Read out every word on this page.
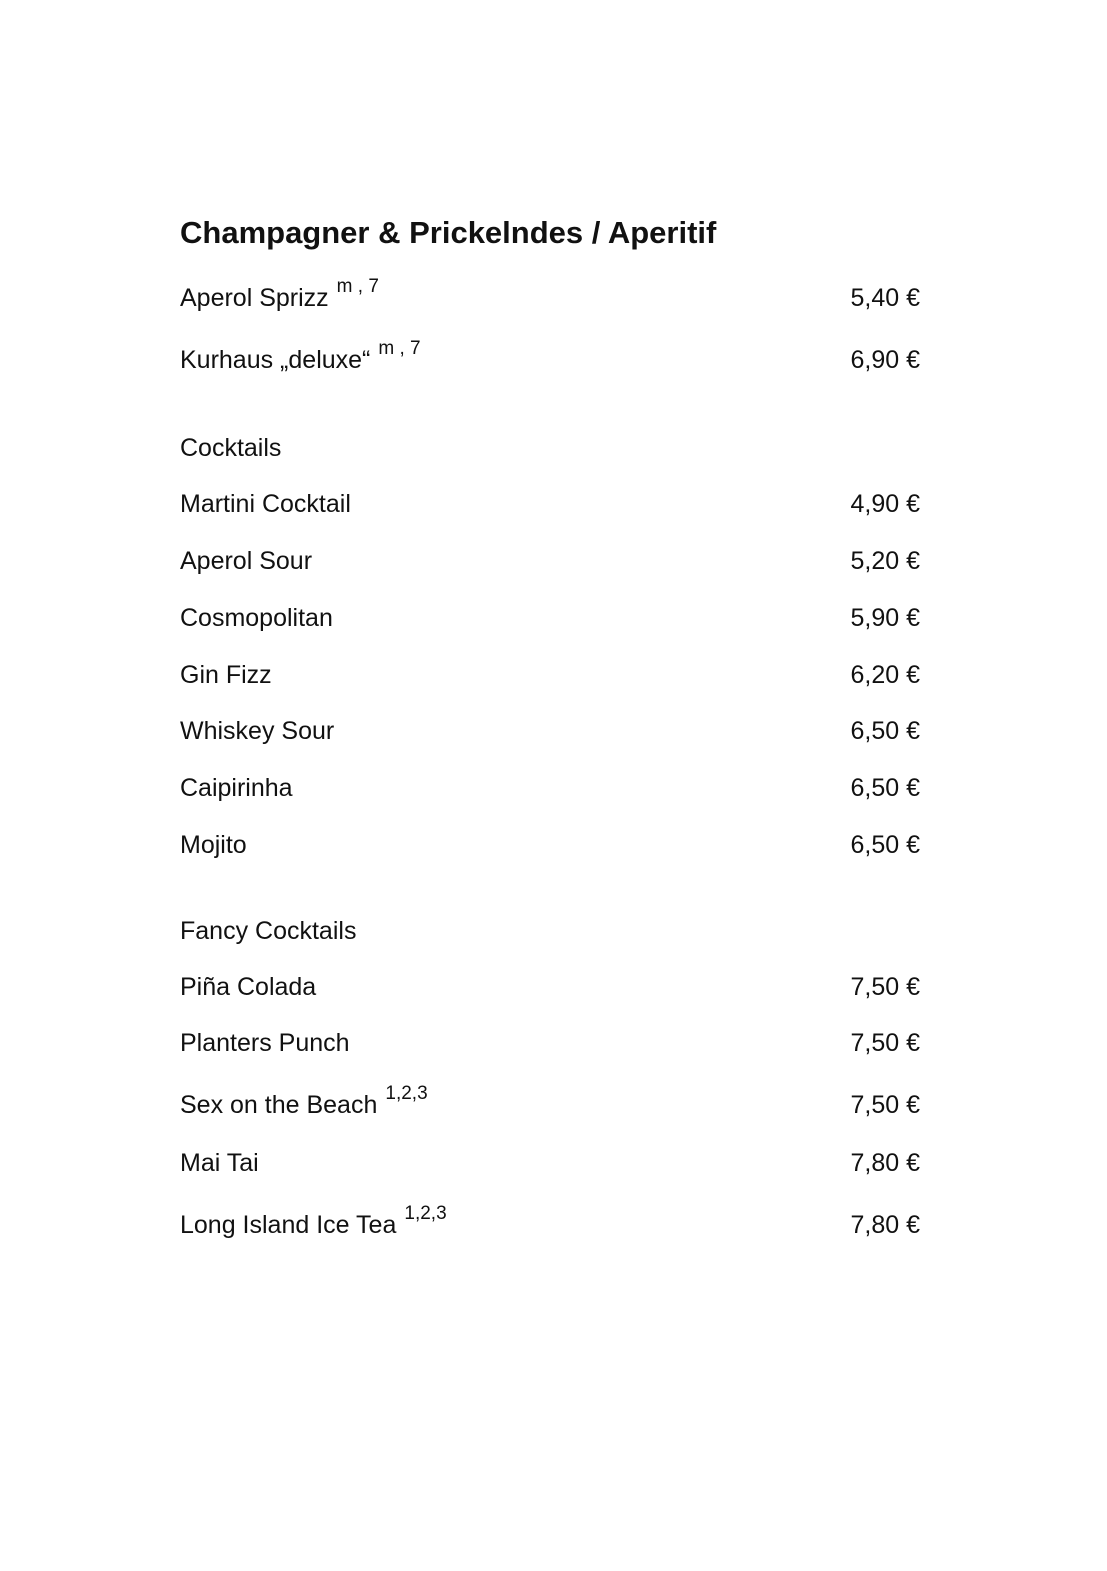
Champagner & Prickelndes / Aperitif
Aperol Sprizz $^{m , 7}$	5,40 €
Kurhaus „deluxe“ $^{m , 7}$	6,90 €
Cocktails
Martini Cocktail	4,90 €
Aperol Sour	5,20 €
Cosmopolitan	5,90 €
Gin Fizz	6,20 €
Whiskey Sour	6,50 €
Caipirinha	6,50 €
Mojito	6,50 €
Fancy Cocktails
Piña Colada	7,50 €
Planters Punch	7,50 €
Sex on the Beach $^{1,2,3}$	7,50 €
Mai Tai	7,80 €
Long Island Ice Tea $^{1,2,3}$	7,80 €
